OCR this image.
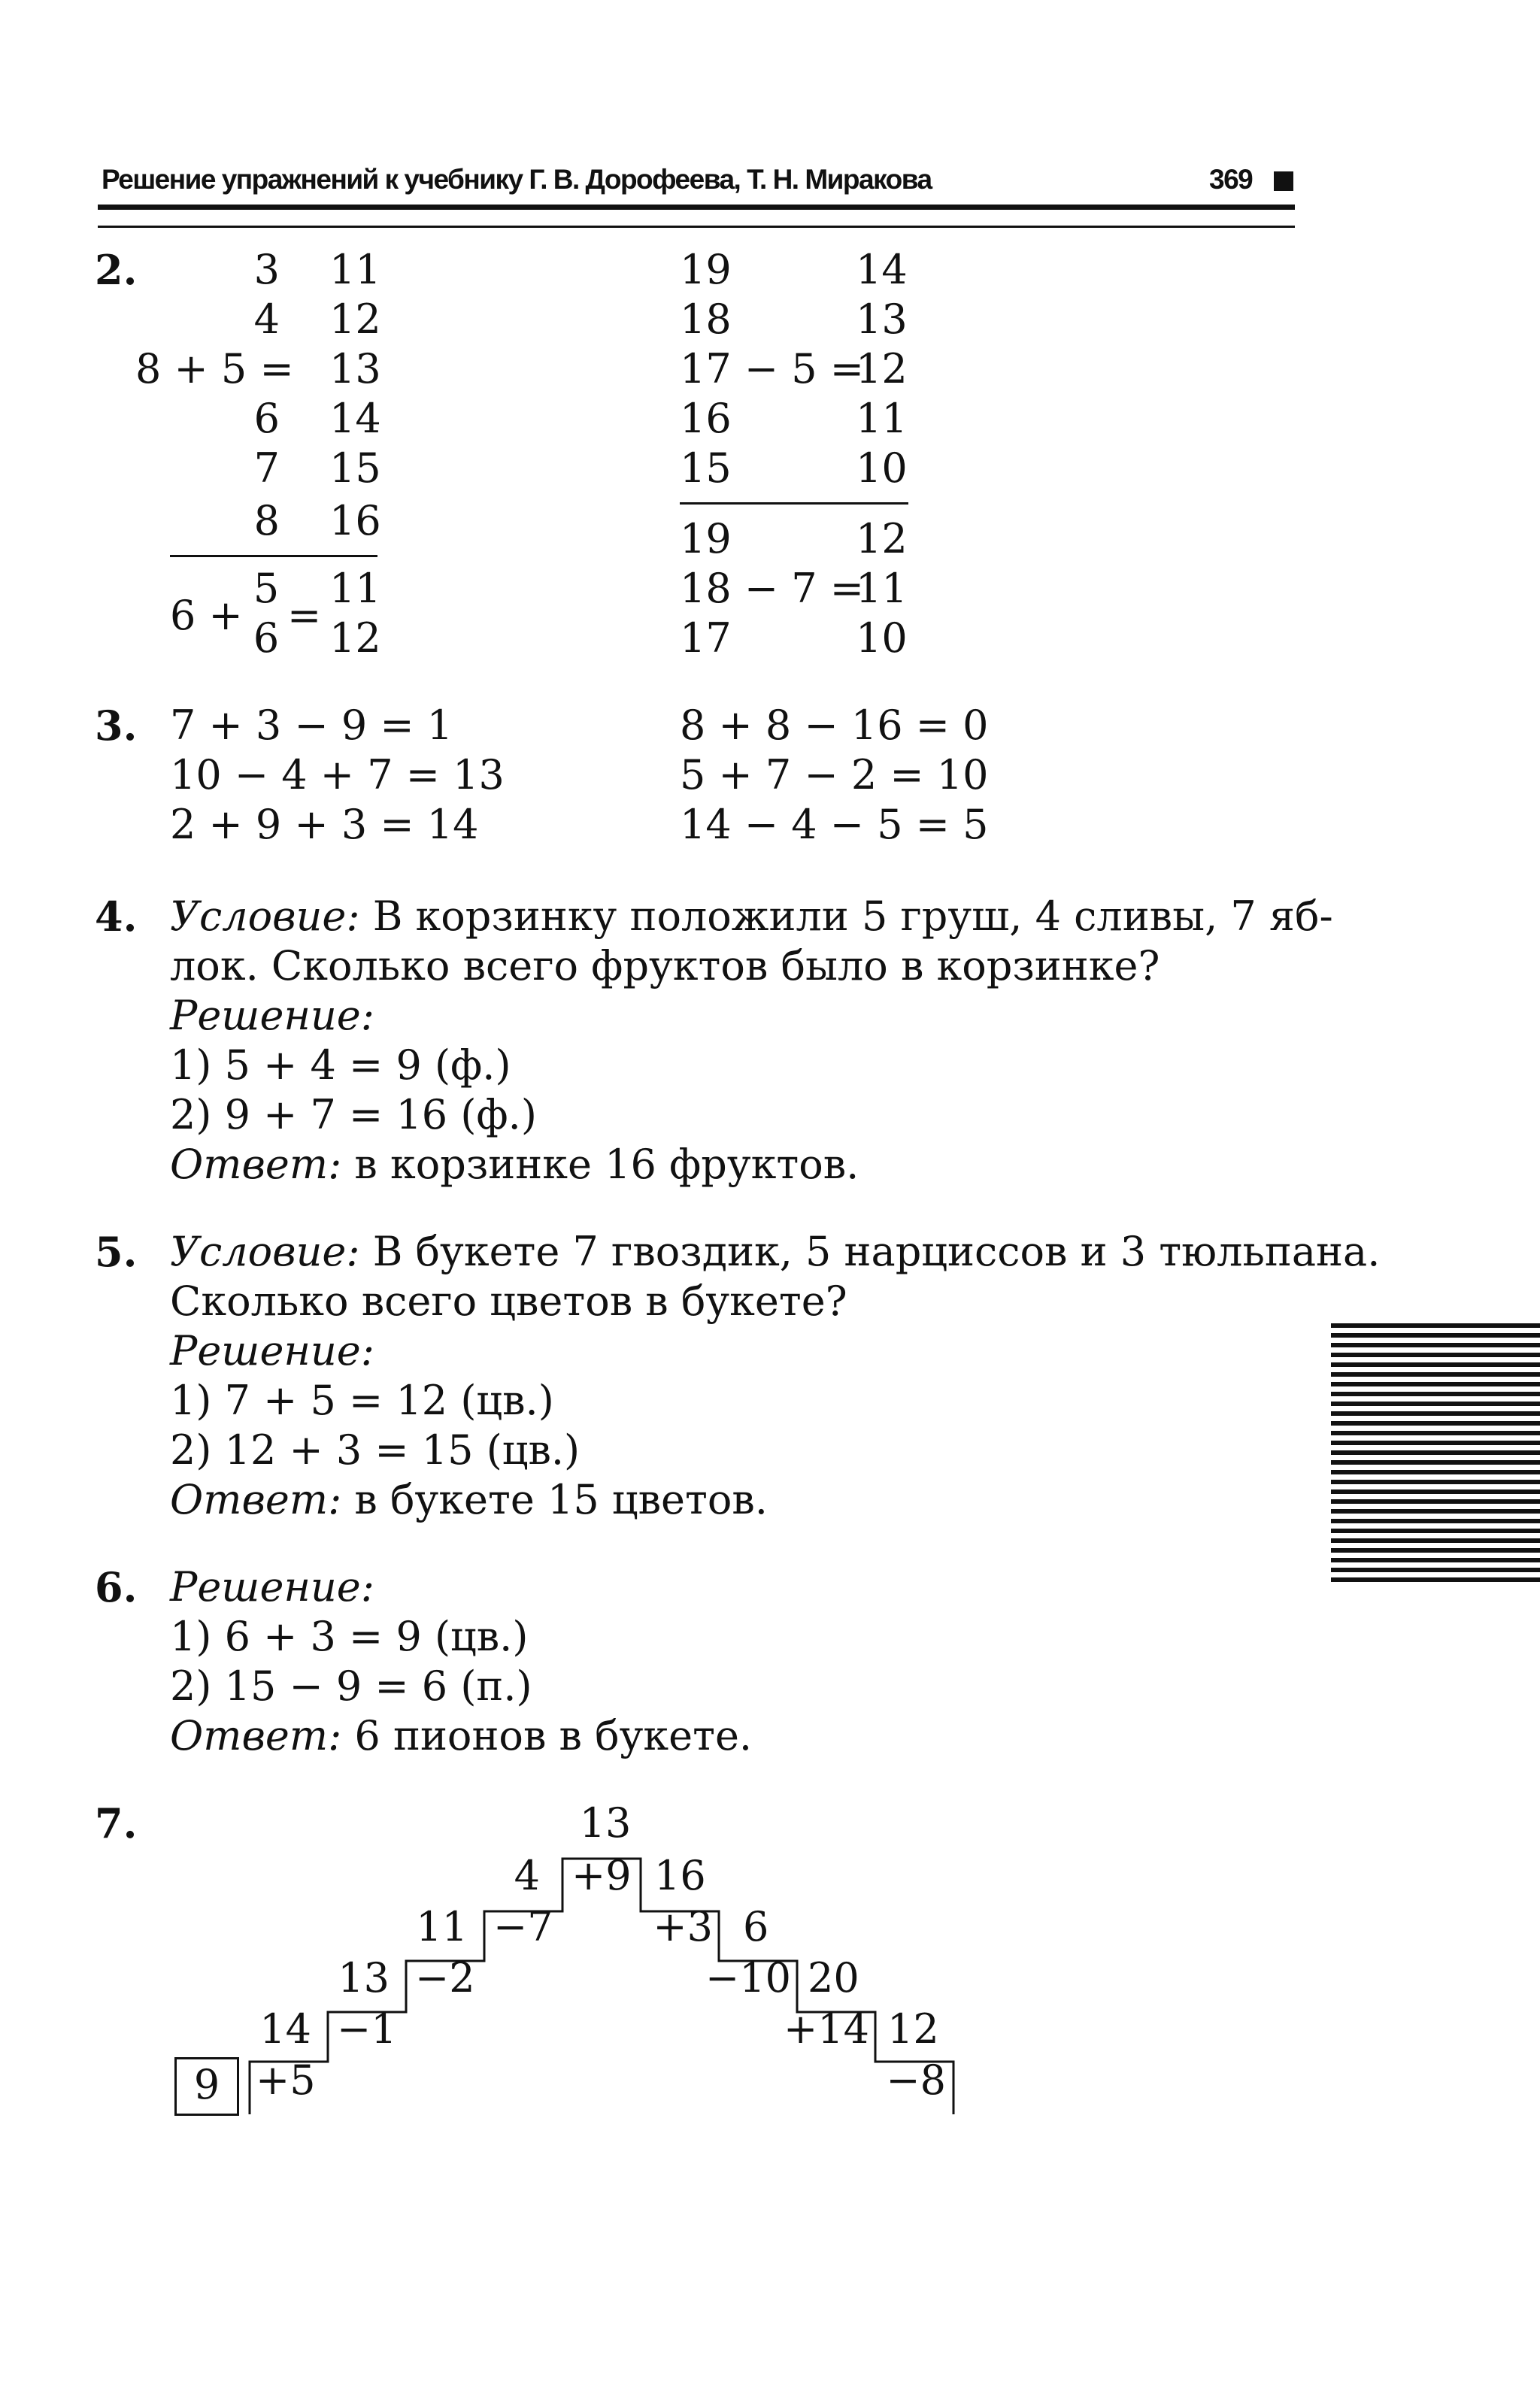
Решение упражнений к учебнику Г. В. Дорофеева, Т. Н. Миракова	369
2.	3
4
8 + 5 =
6
7
8
11
12
13
14
15
16
6 +
5
6 =
11
12
19
18
17 − 5 =
16
15
14
13
12
11
10
19
18 − 7 =
17
12
11
10
3. 7 + 3 − 9 = 1
10 − 4 + 7 = 13
2 + 9 + 3 = 14
8 + 8 − 16 = 0
5 + 7 − 2 = 10
14 − 4 − 5 = 5
4. Условие: В корзинку положили 5 груш, 4 сливы, 7 яб-
лок. Сколько всего фруктов было в корзинке?
Решение:
1) 5 + 4 = 9 (ф.)
2) 9 + 7 = 16 (ф.)
Ответ: в корзинке 16 фруктов.
5. Условие: В букете 7 гвоздик, 5 нарциссов и 3 тюльпана.
Сколько всего цветов в букете?
Решение:
1) 7 + 5 = 12 (цв.)
2) 12 + 3 = 15 (цв.)
Ответ: в букете 15 цветов.
6. Решение:
1) 6 + 3 = 9 (цв.)
2) 15 − 9 = 6 (п.)
Ответ: 6 пионов в букете.
7.
9
13
4
11
13
14
+9
−7
−2
−1
+5
16
6
20
12
+3
−10
+14
−8
